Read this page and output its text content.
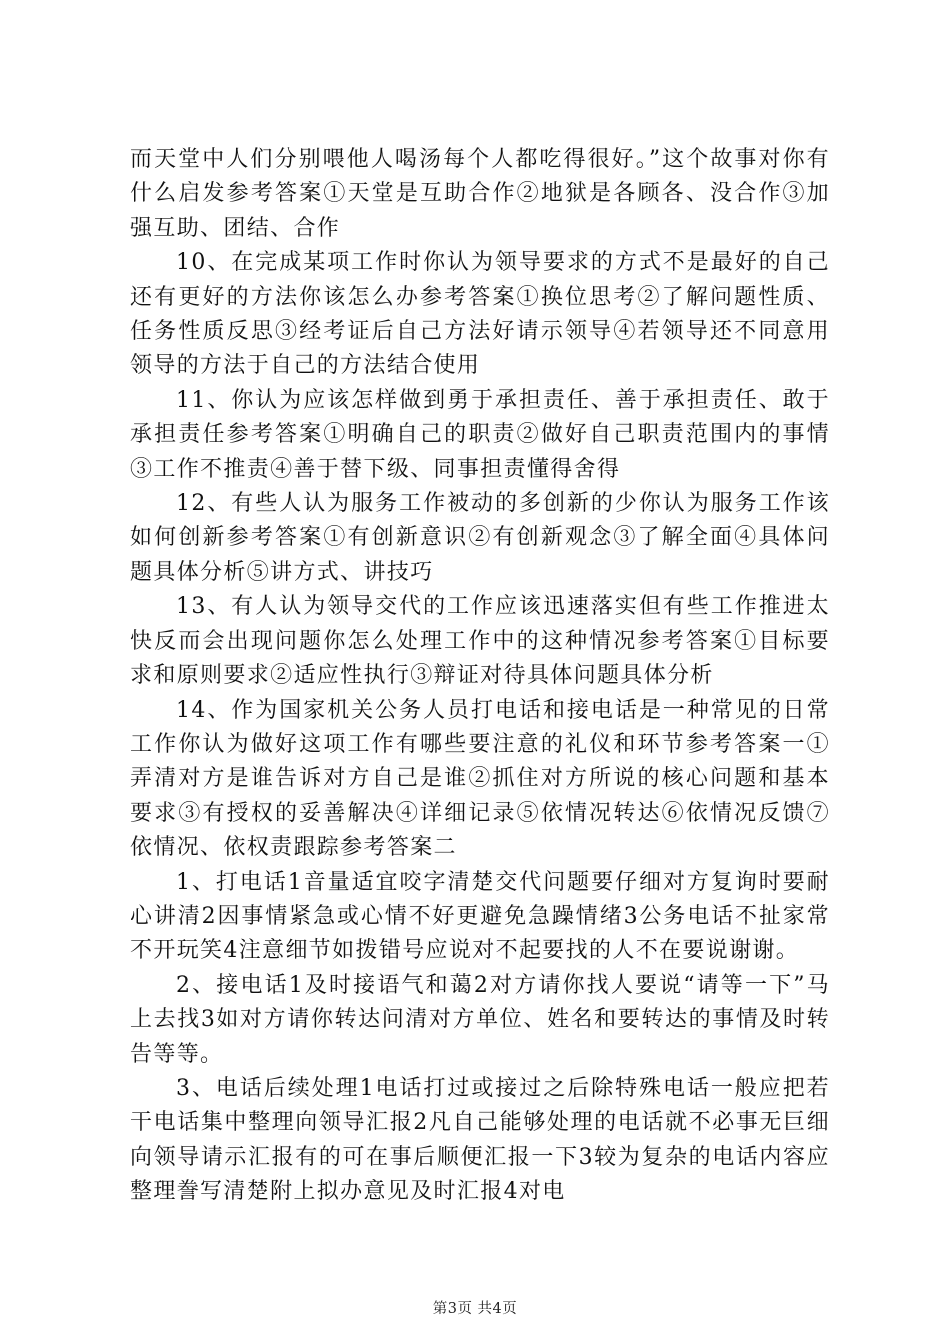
而天堂中人们分别喂他人喝汤每个人都吃得很好。”这个故事对你有什么启发参考答案①天堂是互助合作②地狱是各顾各、没合作③加强互助、团结、合作

10、在完成某项工作时你认为领导要求的方式不是最好的自己还有更好的方法你该怎么办参考答案①换位思考②了解问题性质、任务性质反思③经考证后自己方法好请示领导④若领导还不同意用领导的方法于自己的方法结合使用

11、你认为应该怎样做到勇于承担责任、善于承担责任、敢于承担责任参考答案①明确自己的职责②做好自己职责范围内的事情③工作不推责④善于替下级、同事担责懂得舍得

12、有些人认为服务工作被动的多创新的少你认为服务工作该如何创新参考答案①有创新意识②有创新观念③了解全面④具体问题具体分析⑤讲方式、讲技巧

13、有人认为领导交代的工作应该迅速落实但有些工作推进太快反而会出现问题你怎么处理工作中的这种情况参考答案①目标要求和原则要求②适应性执行③辩证对待具体问题具体分析

14、作为国家机关公务人员打电话和接电话是一种常见的日常工作你认为做好这项工作有哪些要注意的礼仪和环节参考答案一①弄清对方是谁告诉对方自己是谁②抓住对方所说的核心问题和基本要求③有授权的妥善解决④详细记录⑤依情况转达⑥依情况反馈⑦依情况、依权责跟踪参考答案二

1、打电话1音量适宜咬字清楚交代问题要仔细对方复询时要耐心讲清2因事情紧急或心情不好更避免急躁情绪3公务电话不扯家常不开玩笑4注意细节如拨错号应说对不起要找的人不在要说谢谢。

2、接电话1及时接语气和蔼2对方请你找人要说“请等一下”马上去找3如对方请你转达问清对方单位、姓名和要转达的事情及时转告等等。

3、电话后续处理1电话打过或接过之后除特殊电话一般应把若干电话集中整理向领导汇报2凡自己能够处理的电话就不必事无巨细向领导请示汇报有的可在事后顺便汇报一下3较为复杂的电话内容应整理誊写清楚附上拟办意见及时汇报4对电

第3页 共4页
